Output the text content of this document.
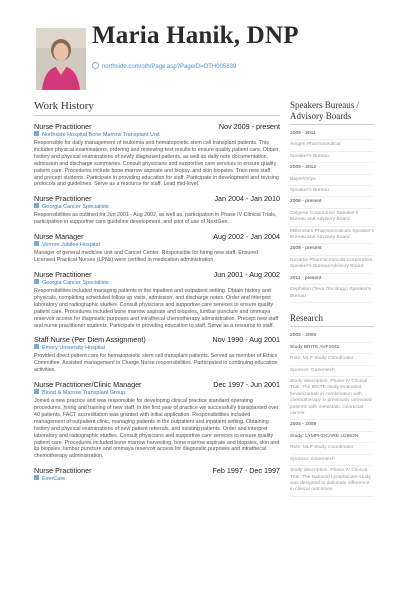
Maria Hanik, DNP
northside.com/oth/Page.asp?PageID=OTH005839
Work History
Nurse Practitioner	Nov 2009 - present
Northside Hospital Bone Marrow Transplant Unit
Responsible for daily management of leukemia and hematopoietic stem cell transplant patients. This includes physical examinations, ordering and reviewing test results to ensure quality patient care. Obtain history and physical examinations of newly diagnosed patients, as well as daily note documentation, admission and discharge summaries. Consult physicians and supportive care services to ensure quality patient care. Procedures include bone marrow aspirate and biopsy, and skin biopsies. Train new staff and precept students. Participate in providing education for staff. Participate in development and revising protocols and guidelines. Serve as a resource for staff. Lead mid-level.
Nurse Practitioner	Jan 2004 - Jan 2010
Georgia Cancer Specialists
Responsibilities as outlined for Jun 2001 - Aug 2002, as well as, participation in Phase IV Clinical Trials, participation in supportive care guideline development, and pilot of use of NextGen.
Nurse Manager	Aug 2002 - Jan 2004
Vernon Jubilee Hospital
Manager of general medicine unit and Cancer Center. Responsible for hiring new staff. Ensured Licensed Practical Nurses (LPNs) were certified in medication administration.
Nurse Practitioner	Jun 2001 - Aug 2002
Georgia Cancer Specialists
Responsibilities included managing patients in the inpatient and outpatient setting. Obtain history and physicals, completing scheduled follow up visits, admission, and discharge notes. Order and interpret laboratory and radiographic studies. Consult physicians and supportive care services to ensure quality patient care. Procedures included bone marrow aspirate and biopsies, lumbar puncture and ommaya reservoir access for diagnostic purposes and intrathecal chemotherapy administration. Precept new staff and nurse practitioner students. Participate in providing education to staff. Serve as a resource to staff.
Staff Nurse (Per Diem Assignment)	Nov 1990 - Aug 2001
Emory University Hospital
Provided direct patient care for hematopoietic stem cell transplant patients. Served as member of Ethics Committee. Assisted management in Charge Nurse responsibilities. Participated in continuing education activities.
Nurse Practitioner/Clinic Manager	Dec 1997 - Jun 2001
Blood & Marrow Transplant Group
Joined a new practice and was responsible for developing clinical practice standard operating procedures, hiring and training of new staff. In the first year of practice we successfully transplanted over 40 patients. FACT accreditation was granted with initial application. Responsibilities included management of outpatient clinic, managing patients in the outpatient and inpatient setting. Obtaining history and physical examinations of new patient referrals, and existing patients. Order and interpret laboratory and radiographic studies. Consult physicians and supportive care services to ensure quality patient care. Procedures included bone marrow harvesting, bone marrow aspirate and biopsies, skin and lip biopsies, lumbar puncture and ommaya reservoir access for diagnostic purposes and intrathecal chemotherapy administration.
Nurse Practitioner	Feb 1997 - Dec 1997
EverCare
Speakers Bureaus / Advisory Boards
2009 - 2011
Amgen Pharmaceutical
Speaker's Bureau
2009 - 2012
Bayer/Onyx
Speaker's Bureau
2006 - present
Celgene Corporation Speaker's Bureau and Advisory Board
Millennium Pharmaceuticals Speaker's Bureau and Advisory Board
2009 - present
Novartis Pharmaceuticals Corporation Speaker's Bureau/Advisory Board
2011 - present
Cephalon (Teva Oncology) Speaker's Bureau
Research
2004 - 2009
Study BRITE AVF2941
Role: MLP Study Coordinator
Sponsor: Genentech
Study description: Phase IV Clinical Trial. The BRiTE study evaluated bevacizumab in combination with chemotherapy in previously untreated patients with metastatic colorectal cancer
2004 - 2009
Study: LYMPHOCARE U2962N
Role: MLP Study Coordinator
Sponsor: Genentech
Study description: Phase IV Clinical Trial. The National Lymphocare study was designed to delineate difference in clinical outcomes
